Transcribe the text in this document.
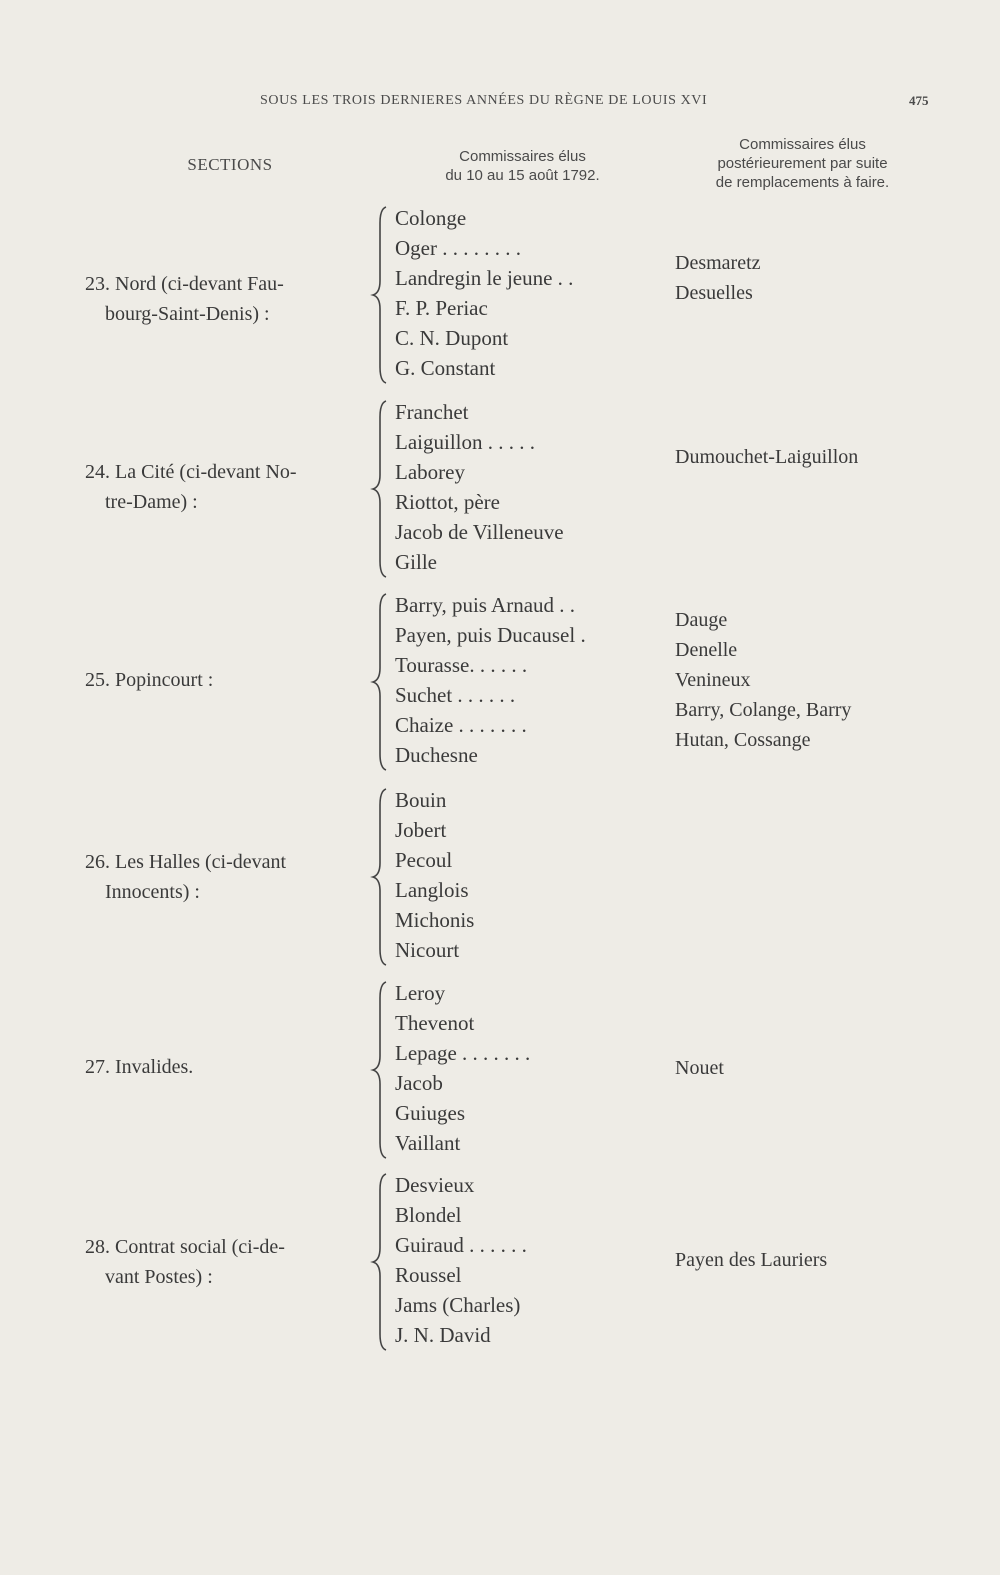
SOUS LES TROIS DERNIERES ANNÉES DU RÈGNE DE LOUIS XVI	475
SECTIONS	Commissaires élus
du 10 au 15 août 1792.
Commissaires élus
postérieurement par suite
de remplacements à faire.
23. Nord (ci-devant Fau-
bourg-Saint-Denis) :
Colonge
Oger . . . . . . . .
Landregin le jeune . .
F. P. Periac
C. N. Dupont
G. Constant
Desmaretz
Desuelles
24. La Cité (ci-devant No-
tre-Dame) :
Franchet
Laiguillon . . . . .
Laborey
Riottot, père
Jacob de Villeneuve
Gille
Dumouchet-Laiguillon
25. Popincourt :
Barry, puis Arnaud . .
Payen, puis Ducausel .
Tourasse. . . . . .
Suchet . . . . . .
Chaize . . . . . . .
Duchesne
Dauge
Denelle
Venineux
Barry, Colange, Barry
Hutan, Cossange
26. Les Halles (ci-devant
Innocents) :
Bouin
Jobert
Pecoul
Langlois
Michonis
Nicourt
27. Invalides.
Leroy
Thevenot
Lepage . . . . . . .
Jacob
Guiuges
Vaillant
Nouet
28. Contrat social (ci-de-
vant Postes) :
Desvieux
Blondel
Guiraud . . . . . .
Roussel
Jams (Charles)
J. N. David
Payen des Lauriers
